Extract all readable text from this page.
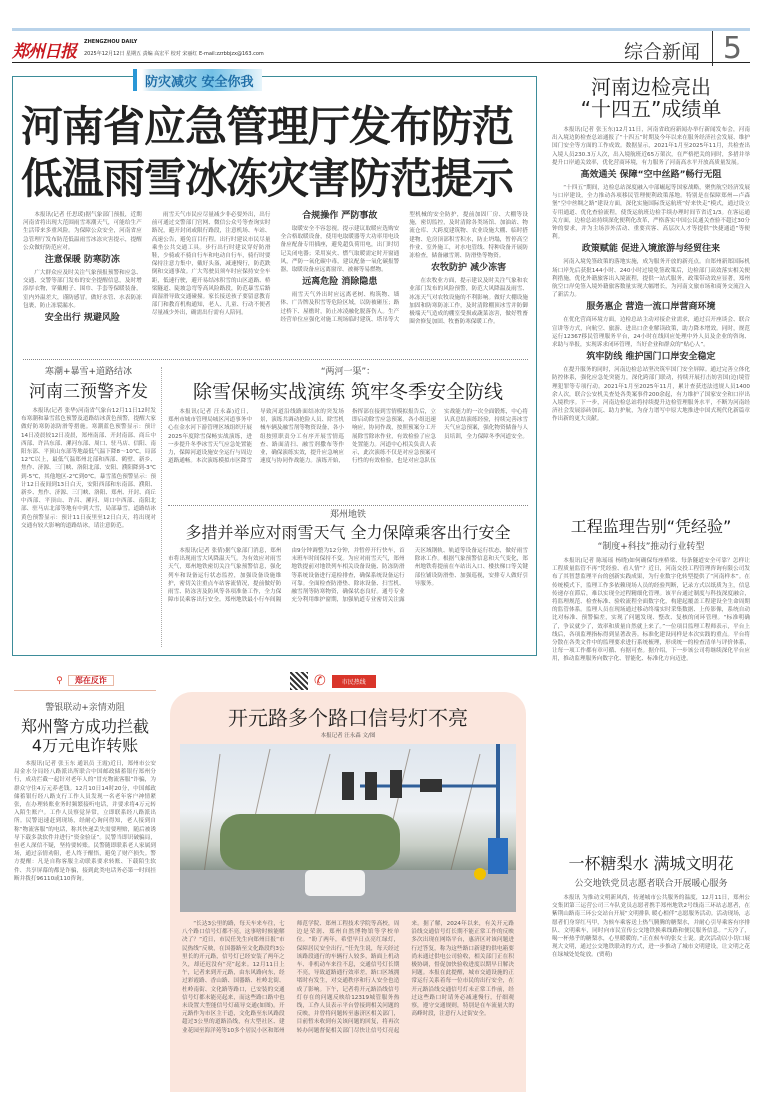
郑州日报 ZHENGZHOU DAILY
2025年12月12日 星期五 责编 高宏平 校对 宋丽红 E-mail:zzrbbjzx@163.com	综合新闻 5
防灾减灾 安全你我
河南省应急管理厅发布防范
低温雨雪冰冻灾害防范提示

本报讯(记者 任思瑗)据气象部门预报，近期河南省将出现大范围雨雪寒潮天气，可能给生产生活带来多重风险。为保障公众安全，河南省应急管理厅发布防范低温雨雪冰冻灾害提示，提醒公众做好防范应对。

注意保暖 防寒防冻

广大群众应及时关注气象预报预警和应急、交通、交警等部门发布的安全提醒信息，及时增添厚衣物，穿戴帽子、围巾、手套等保暖装备，室内外温差大，谨防感冒。做好水管、水表防冻包裹，防止冻裂漏水。

安全出行 规避风险

雨雪天气市民应尽量减少非必要外出，出行前可通过交警部门官网、微信公众号等查询实时路况，避开封闭或限行路段，注意机场、车站、高速公告，避免盲目行程。出行时建议市民尽量乘坐公共交通工具。步行出行时建议穿好防滑鞋，少骑或不骑自行车和电动自行车，骑行时要保持注意力集中，戴好头盔，减速慢行，防范跌倒和交通事故。广大驾驶员须车时应保持安全车距，低速行驶，避开易结冰积雪的山区道路、桥梁隧道、陡坡急弯等高风险路段，防范暴雪后路面湿滑导致交通碰撞。家长接送孩子要留意教育部门和教育机构通知，老人、儿童、行动不便者尽量减少外出，确需出行需有人陪同。

合规操作 严防事故

取暖安全不容忽视。提示建议取暖应选购安全合格取暖设备，使用电取暖器等大功率用电设备应配备专用插座，避免超负荷用电，出门时切记关闭电器；采用炭火、燃气取暖需定时开窗通风，严防一氧化碳中毒，建议配备一氧化碳报警器，取暖设备应远离窗帘、被褥等易燃物。

远离危险 消除隐患

雨雪天气外出时应远离老树、构筑物、墙体、广告牌及积雪等危险区域，以防被砸压；路过桥下、屋檐时，防止冰凌融化脱落伤人。生产经营单位应强化对施工现场临时建筑、塔吊等大型机械的安全防护，提前加固厂房、大棚等设施，密切监控，及时清除各类场馆、加油站、物流仓库、大跨度建筑物、农业设施大棚、临时搭建物、危房顶部积雪积水，防止坍塌，暂停高空作业、室外施工，对水电管线、特种设备开展防冻检查，储备融雪剂、防滑垫等物资。

农牧防护 减少冻害

在农牧业方面，提示建议及时关注气象和农业部门发布的风险预警，防范大风降温及雨雪、冰冻天气对农牧设施的不利影响。做好大棚设施加固和防寒防冻工作，及时清除棚顶冰雪并防御极端天气造成的棚室受损或蔬菜冻害，做好牲畜圈舍修复加固、牧畜防寒保暖工作。

寒潮+暴雪+道路结冰
河南三预警齐发

本报讯(记者 张华)河南省气象台12月11日12时发布寒潮和暴雪蓝色预警及道路结冰黄色预警，提醒大家做好防寒防冻防滑等措施。寒潮蓝色预警显示：预计14日凌晨较12日凌晨，郑州南部、开封南部、商丘中西部、许昌东部、漯河东部、周口、驻马店、信阳、南阳东部、平顶山东部等地最低气温下降8～10℃，局部12℃以上，最低气温郑州北部和西部、鹤壁、新乡、焦作、济源、三门峡、洛阳北部、安阳、濮阳降到-3℃到-5℃，其他地区-2℃到0℃。暴雪蓝色预警显示：预计12日夜间到13日白天，安阳西部和东南部、濮阳、新乡、焦作、济源、三门峡、洛阳、郑州、开封、商丘中西部、平顶山、许昌、漯河、周口中西部、南阳北部、驻马店北部等地有中到大雪，局部暴雪。道路结冰黄色预警显示：预计11日夜里至12日白天，将出现对交通有较大影响的道路结冰，请注意防范。

“两河一渠”：
除雪保畅实战演练 筑牢冬季安全防线

本报讯(记者 汪永森)近日，郑州市城市管理局城区河道事务中心在金水河下游管理区域组织开展2025年度除雪保畅实战演练，进一步提升冬季冰雪天气应急处置能力，保障河道设施安全运行与周边道路通畅。本次演练模拟市区降雪导致河道沿线路面结冰的突发场景，演练共调动抢险人员、除雪机械车辆及融雪剂等物资设备，各小组按照职责分工有序开展雪情巡查、路面清扫、融雪剂撒布等作业，确保演练实效，提升应急响应速度与协同作战能力。演练开始，指挥部在接到雪情模拟报告后，立即启动除雪应急预案，各小组迅速响应，协同作战，按照预案分工开展除雪除冰作业，有效检验了应急处置能力。河道中心相关负责人表示，此次演练不仅是对应急预案可行性的有效检验，也是对应急队伍实战能力的一次全面锻炼，中心将认真总结演练经验，持续完善冰雪天气应急预案，强化物资储备与人员培训，全力保障冬季河道安全。

郑州地铁
多措并举应对雨雪天气 全力保障乘客出行安全

本报讯(记者 张倩)据气象部门消息，郑州市将出现雨雪大风降温天气。为有效应对雨雪天气，郑州地铁密切关注气象预警信息，强化列车和设备运行状态监控，加强设备设施维护，密切关注重点车站客流情况，提前做好防雨雪、防冻害及防风等各项准备工作，全力保障市民乘客出行安全。郑州地铁最小行车间隔由9分钟调整为12分钟，并暂停开行快车，首末班车时间保持不变。为应对雨雪天气，郑州地铁提前对地铁列车相关设备设施、防冻防滑等系统设备进行巡检排查，确保系统设备运行可靠。全面检查防滑垫、除冰设备、扫雪机、融雪剂等防寒物资，确保状态良好。通号专业充分利用维护窗期，加强轨道专业密切关注露天区域钢轨、轨道等设备运行状态，做好雨雪除冰工作。根据气象预警信息和天气变化，郑州地铁将提前在车站出入口、楼扶梯口等关键部位铺设防滑垫、加强巡视，安排专人做好引导服务。

河南边检亮出
“十四五”成绩单

本报讯(记者 张玉东)12月11日，河南省政府新闻办举行新闻发布会，河南出入境边防检查总站通报了“十四五”时期及今年以来在服务经济社会发展、维护国门安全等方面的工作成效。数据显示，2021年1月至2025年11月，共检查出入境人员230.3万人次，出入境航班近65万架次，在严格把关的同时，多措并举提升口岸通关效率，优化营商环境，有力服务了河南高水平开放高质量发展。

高效通关 保障“空中丝路”畅行无阻

“十四五”期间，边检总站深度融入中部崛起等国家战略，聚焦航空经济发展与口岸建设，全力推动各项移民管理便利政策落地。特别是在保障郑州—卢森堡“空中丝绸之路”建设方面，深化实施国际货运航班“好来快走”模式，通过设立专用通道、优化查验流程，使货运航班边检手续办理时间节省近1/3。在客运通关方面，边检总站持续深化便利化改革，严格落实中国公民通关查验不超过30分钟的要求，并为主场涉外活动、重要宾客、高层次人才等提供“快捷通道”等便利。

政策赋能 促进入境旅游与经贸往来

河南入境免签政策的落地实施，成为服务开放的新亮点。自郑州新郑国际机场口岸先后获批144小时、240小时过境免签政策后，边检部门高效落实相关便利措施，优化外籍旅客出入境流程，提供一站式服务，政策带动效应显著，郑州航空口岸免签入境外籍旅客数量实现大幅增长，为河南文旅市场和商务交流注入了新活力。

服务惠企 营造一流口岸营商环境

在优化营商环境方面，边检总站主动对接企业需求，通过召开座谈会、联合宣讲等方式，向航空、旅游、进出口企业解读政策，助力降本增效。同时，规范运行12367移民管理服务平台，24小时在线回应处理中外人员及企业的咨询、求助与举报，实现诉求闭环管理，当好企业和群众的“贴心人”。

筑牢防线 维护国门口岸安全稳定

在提升服务的同时，河南边检总站坚决筑牢国门安全屏障。通过完善立体化防控体系，强化应急处突能力，深化跨部门联动，持续开展打击妨害国(边)境管理犯罪等专项行动。2021年1月至2025年11月，累计查获违法违规人员1400余人次，联合公安机关查处各类案事件200余起，有力维护了国家安全和口岸出入境秩序。下一步，河南边检总站将持续提升边检管理服务水平，不断为河南经济社会发展添砖加瓦、助力护航，为奋力谱写中原大地推进中国式现代化新篇章作出新的更大贡献。

工程监理告别“凭经验”
“制度+科技”推动行业转型

本报讯(记者 陈瑶瑶 杨晓)如何确保每座桥梁、每条隧道安全可靠？怎样让工程质量监管不再“凭经验、看人情”？近日，河南交投工程管理咨询有限公司发布了其智慧监理平台的创新实践成果，为行业数字化转型提供了“河南样本”。在传统模式下，监理工作多依赖现场人员的经验判断，记录方式以纸质为主，信息传递存在滞后，难以实现全过程精细化管理。该平台通过制度与科技深度融合，将监理规范、检查标准、验收流程全面数字化，构建起覆盖工程建设全生命周期的监管体系。监理人员在现场通过移动终端实时采集数据、上传影像，系统自动比对标准、预警偏差，实现了问题发现、整改、复核的闭环管理。“标准明确了，争议就少了，效率和质量自然就上来了。”一位项目监理工程师表示，平台上线后，各项监理指标得到显著改善。标准化建设同样是本次实践的重点。平台将分散在各类文件中的监理要求进行系统梳理，形成统一的检查清单与评价体系，让每一项工作都有章可循、有据可查。据介绍，下一步该公司将继续深化平台应用，推动监理服务向数字化、智能化、标准化方向迈进。

一杯糖梨水 满城文明花
公交地铁党员志愿者联合开展暖心服务

本报讯 为推动文明新风尚，传递城市公共服务的温度，12月11日，郑州公交集团第三运营公司三车队党员志愿者携手郑州地铁2号线南三环站志愿者，在紫荆山路南三环公交站台开展“文明排队 暖心相伴”志愿服务活动。活动现场，志愿者们身穿红马甲，为候车乘客送上热气腾腾的糖梨水，并耐心引导乘客有序排队、文明乘车，同时向市民宣传公交地铁换乘线路和便民服务信息。“天冷了，喝一杯热乎的糖梨水，心里暖暖的。”正在候车的张女士说。此次活动以小切口展现大文明，通过公交地铁联动的方式，进一步推动了城市文明建设，让文明之花在绿城处处绽放。(贾萌)

⚲ 郑在反诈
警银联动+亲情劝阻
郑州警方成功拦截
4万元电诈转账

本报讯(记者 张玉东 通讯员 王霞)近日，郑州市公安局金水分局经八路派出所联合中国邮政储蓄银行郑州分行，成功拦截一起针对老年人的“冒充物流客服”诈骗，为群众守住4万元养老钱。12月10日14时20分，中国邮政储蓄银行经八路支行工作人员发现一名老年客户神情紧张，在办理转账业务时频繁接听电话，并要求将4万元转入陌生账户。工作人员察觉异常，立即联系经八路派出所。民警迅速赶到现场，经耐心询问得知，老人接到自称“物流客服”的电话，称其快递丢失需要理赔，随后被诱导下载多款软件并进行“资金验证”。民警当即识破骗局，但老人深信不疑，坚持要转账。民警随即联系老人家属到场，通过亲情劝阻，老人终于醒悟，避免了财产损失。警方提醒：凡是自称客服主动联系要求转账、下载陌生软件、共享屏幕的都是诈骗，接到此类电话务必第一时间挂断并拨打96110或110咨询。

✆	市民热线
开元路多个路口信号灯不亮
本报记者 汪永森 文/图

“长达3公里的路，每天车来车往，七八个路口信号灯都不亮，这事啥时候能解决了？”近日，市民任先生向郑州日报“市民热线”反映，在国器路至文化路段约3公里长的开元路，信号灯已经安装了两年之久，却还迟没有“亮”起来。12月11日上午，记者来到开元路，由东风路向东，经过彩霞路、香山路、国器路、杜岭北街、杜岭南街、文化路等路口，已安装的交通信号灯都未能亮起来，而这些路口路中也未设置大型能信号灯疏导交通(如图)。开元路作为市区主干道，文化路至东风路段超过3公里的道路沿线，有大型社区、建业花园至海洋苑等10多个居民小区和郑州师范学院、郑州工程技术学院等高校，周边是荣润、郑州自然博物馆等学校单位。“盼了两年，希望早日点亮红绿灯，保障居民安全出行。”任先生说，每天经过该路段通行的车辆行人较多，路面上机动车、非机动车来往不息，交通信号灯长期不亮，导致道路通行效率差，路口区域拥堵时有发生，对交通秩序和行人安全也造成了影响。下午，记者将开元路沿线信号灯存在的问题反映给12319城管服务热线，工作人员表示平台曾接到相关问题的反映，并曾将问题转至惠济区相关部门，目前暂未收到有关该问题的回复，将再次转办问题督促相关部门尽快让信号灯亮起来。据了解，2024年以来，有关开元路沿线交通信号灯长期不能正常工作的反映多次出现在网络平台，惠济区对该问题进行过答复，称为这些路口新建的供电箱要尚未通过供电公司验收，相关部门正在积极协调，督促加快验收进度以期早日解决问题。本报在此提醒，城市交通设施的正常运行关系着每一位市民的出行安全，在开元路沿线交通信号灯未正常工作前，经过这些路口时请务必减速慢行，仔细观察，遵守交通规则，特别是在车流量大的高峰时段，注意行人过街安全。
